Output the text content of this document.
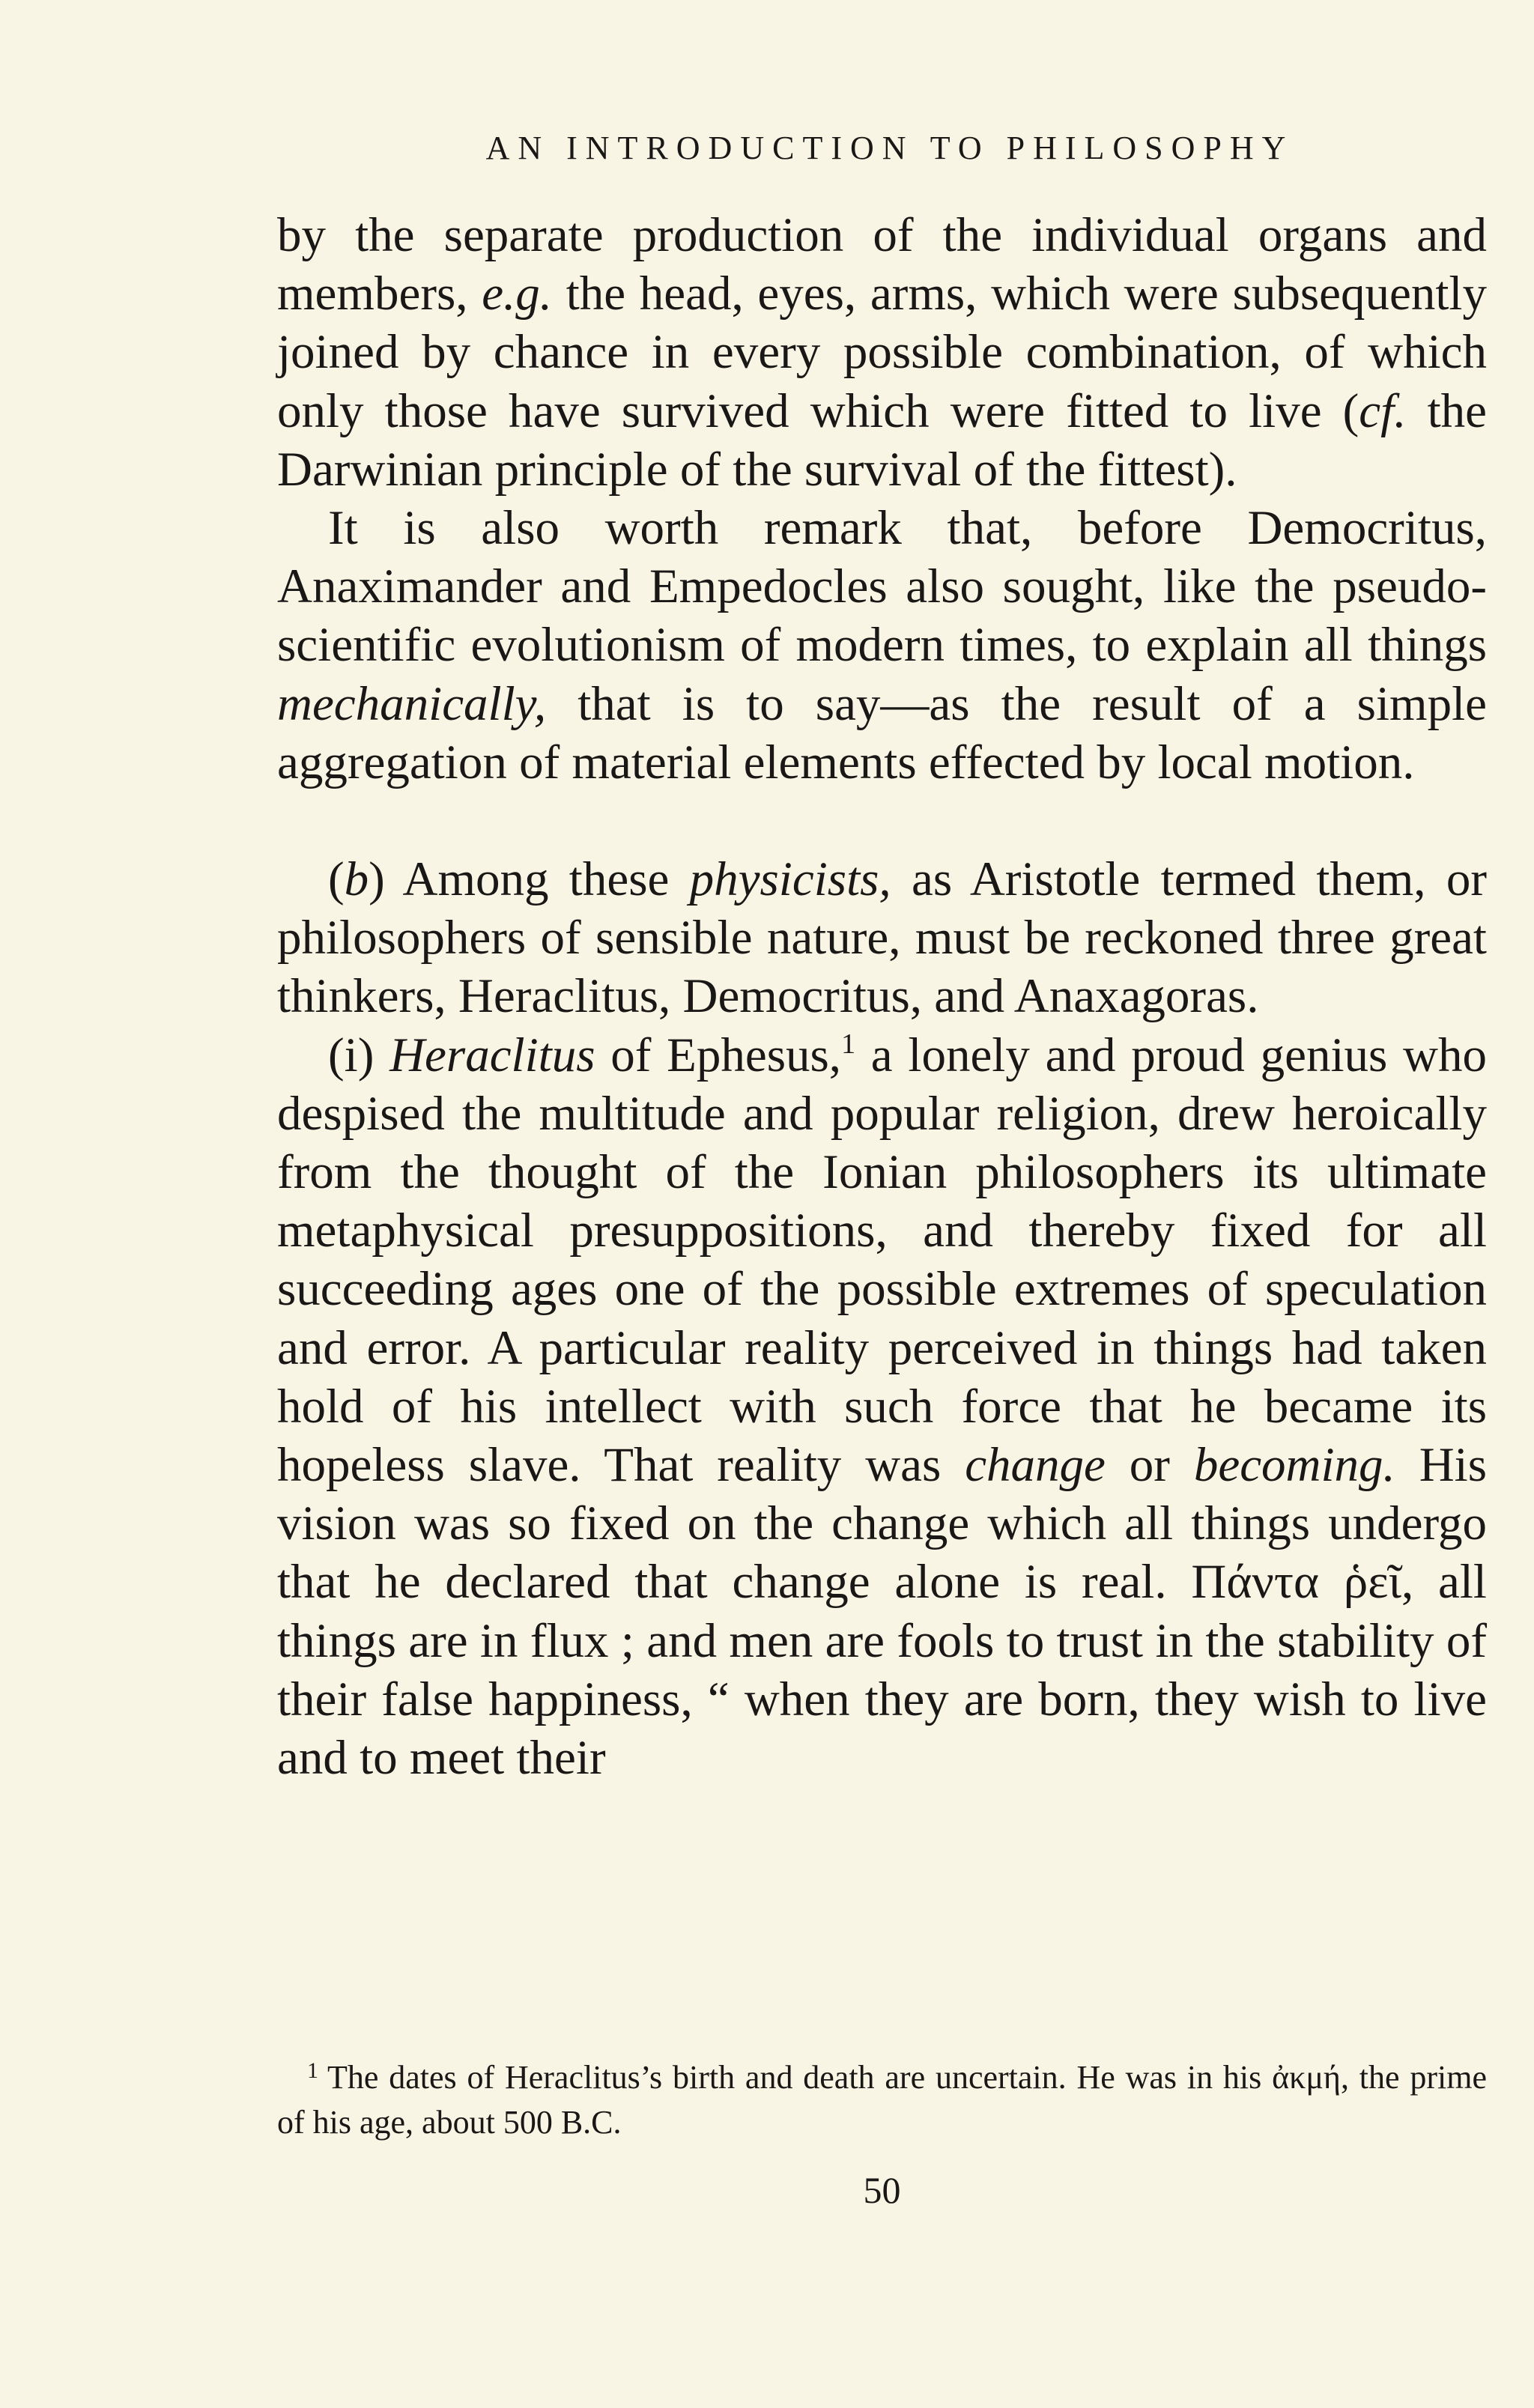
AN INTRODUCTION TO PHILOSOPHY

by the separate production of the individual organs and members, e.g. the head, eyes, arms, which were subsequently joined by chance in every possible combination, of which only those have survived which were fitted to live (cf. the Darwinian principle of the survival of the fittest).

It is also worth remark that, before Democritus, Anaximander and Empedocles also sought, like the pseudo-scientific evolutionism of modern times, to explain all things mechanically, that is to say—as the result of a simple aggregation of material elements effected by local motion.

(b) Among these physicists, as Aristotle termed them, or philosophers of sensible nature, must be reckoned three great thinkers, Heraclitus, Democritus, and Anaxagoras.

(i) Heraclitus of Ephesus,$^1$ a lonely and proud genius who despised the multitude and popular religion, drew heroically from the thought of the Ionian philosophers its ultimate metaphysical presuppositions, and thereby fixed for all succeeding ages one of the possible extremes of speculation and error. A particular reality perceived in things had taken hold of his intellect with such force that he became its hopeless slave. That reality was change or becoming. His vision was so fixed on the change which all things undergo that he declared that change alone is real. Πάντα ῥεῖ, all things are in flux ; and men are fools to trust in the stability of their false happiness, “ when they are born, they wish to live and to meet their

$^1$ The dates of Heraclitus’s birth and death are uncertain. He was in his ἀκμή, the prime of his age, about 500 B.C.
50
